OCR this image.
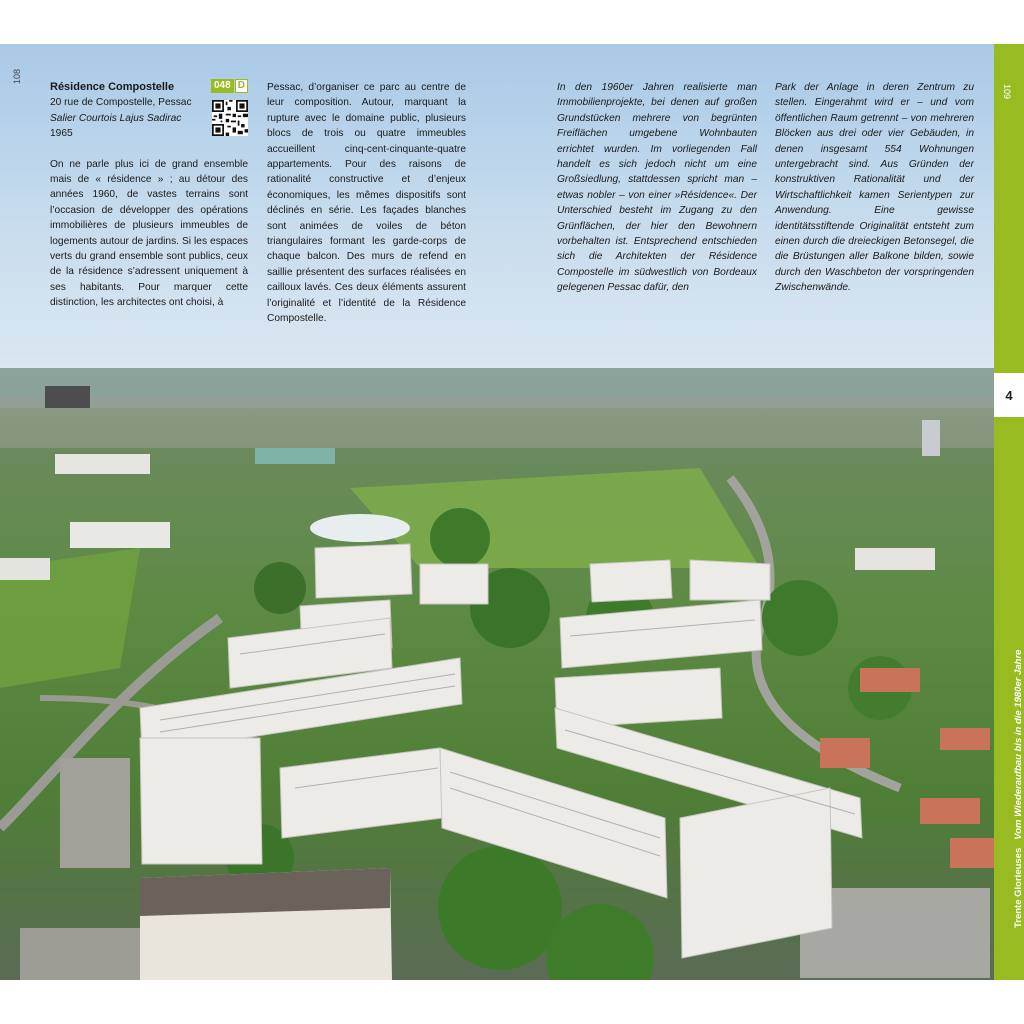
4
Trente GlorieusesVom Wiederaufbau bis in die 1980er Jahre
108
109
048 D
Résidence Compostelle
20 rue de Compostelle, Pessac
Salier Courtois Lajus Sadirac
1965
On ne parle plus ici de grand ensemble mais de « résidence » ; au détour des années 1960, de vastes terrains sont l’occasion de développer des opérations immobilières de plusieurs immeubles de logements autour de jardins. Si les espaces verts du grand ensemble sont publics, ceux de la résidence s’adressent uniquement à ses habitants. Pour marquer cette distinction, les architectes ont choisi, à
Pessac, d’organiser ce parc au centre de leur composition. Autour, marquant la rupture avec le domaine public, plusieurs blocs de trois ou quatre immeubles accueillent cinq-cent-cinquante-quatre appartements. Pour des raisons de rationalité constructive et d’enjeux économiques, les mêmes dispositifs sont déclinés en série. Les façades blanches sont animées de voiles de béton triangulaires formant les garde-corps de chaque balcon. Des murs de refend en saillie présentent des surfaces réalisées en cailloux lavés. Ces deux éléments assurent l’originalité et l’identité de la Résidence Compostelle.
In den 1960er Jahren realisierte man Immobilienprojekte, bei denen auf großen Grundstücken mehrere von begrünten Freiflächen umgebene Wohnbauten errichtet wurden. Im vorliegenden Fall handelt es sich jedoch nicht um eine Großsiedlung, stattdessen spricht man – etwas nobler – von einer »Résidence«. Der Unterschied besteht im Zugang zu den Grünflächen, der hier den Bewohnern vorbehalten ist. Entsprechend entschieden sich die Architekten der Résidence Compostelle im südwestlich von Bordeaux gelegenen Pessac dafür, den
Park der Anlage in deren Zentrum zu stellen. Eingerahmt wird er – und vom öffentlichen Raum getrennt – von mehreren Blöcken aus drei oder vier Gebäuden, in denen insgesamt 554 Wohnungen untergebracht sind. Aus Gründen der konstruktiven Rationalität und der Wirtschaftlichkeit kamen Serientypen zur Anwendung. Eine gewisse identitätsstiftende Originalität entsteht zum einen durch die dreieckigen Betonsegel, die die Brüstungen aller Balkone bilden, sowie durch den Waschbeton der vorspringenden Zwischenwände.
